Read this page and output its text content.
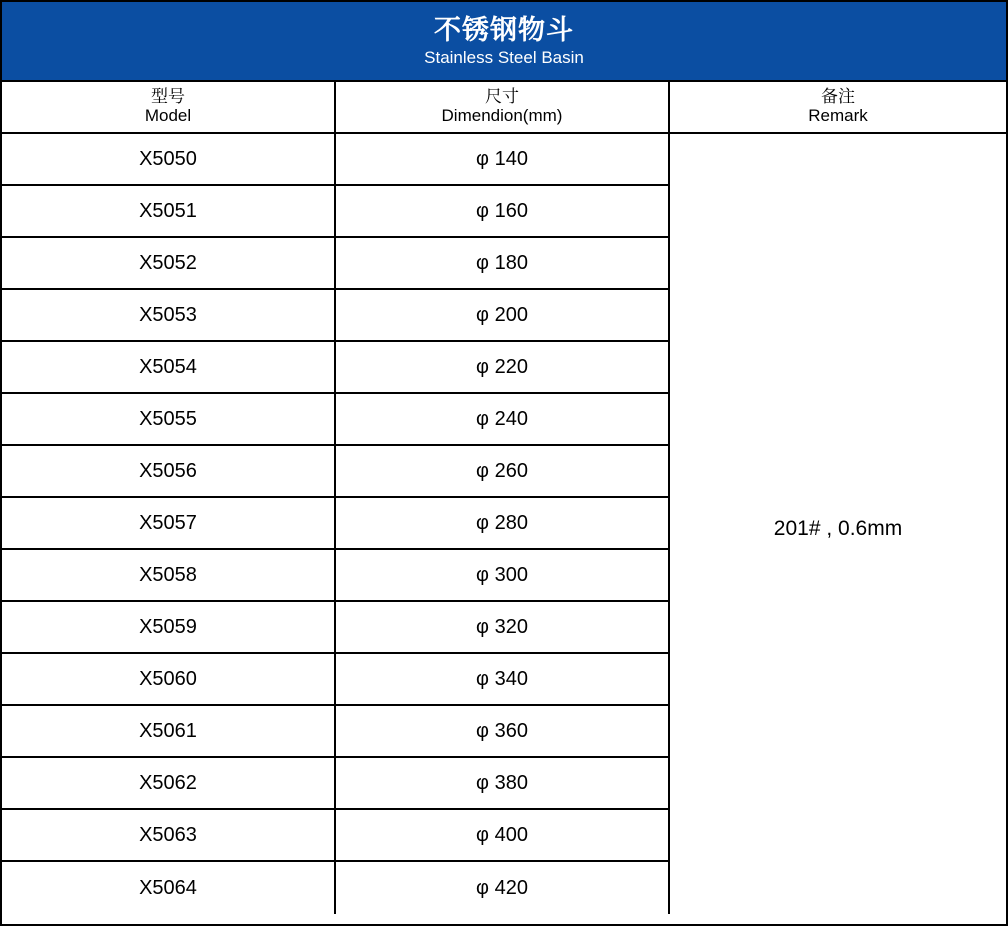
不锈钢物斗
Stainless Steel Basin
型号
Model
尺寸
Dimendion(mm)
备注
Remark
X5050
X5051
X5052
X5053
X5054
X5055
X5056
X5057
X5058
X5059
X5060
X5061
X5062
X5063
X5064
φ 140
φ 160
φ 180
φ 200
φ 220
φ 240
φ 260
φ 280
φ 300
φ 320
φ 340
φ 360
φ 380
φ 400
φ 420
201# , 0.6mm
